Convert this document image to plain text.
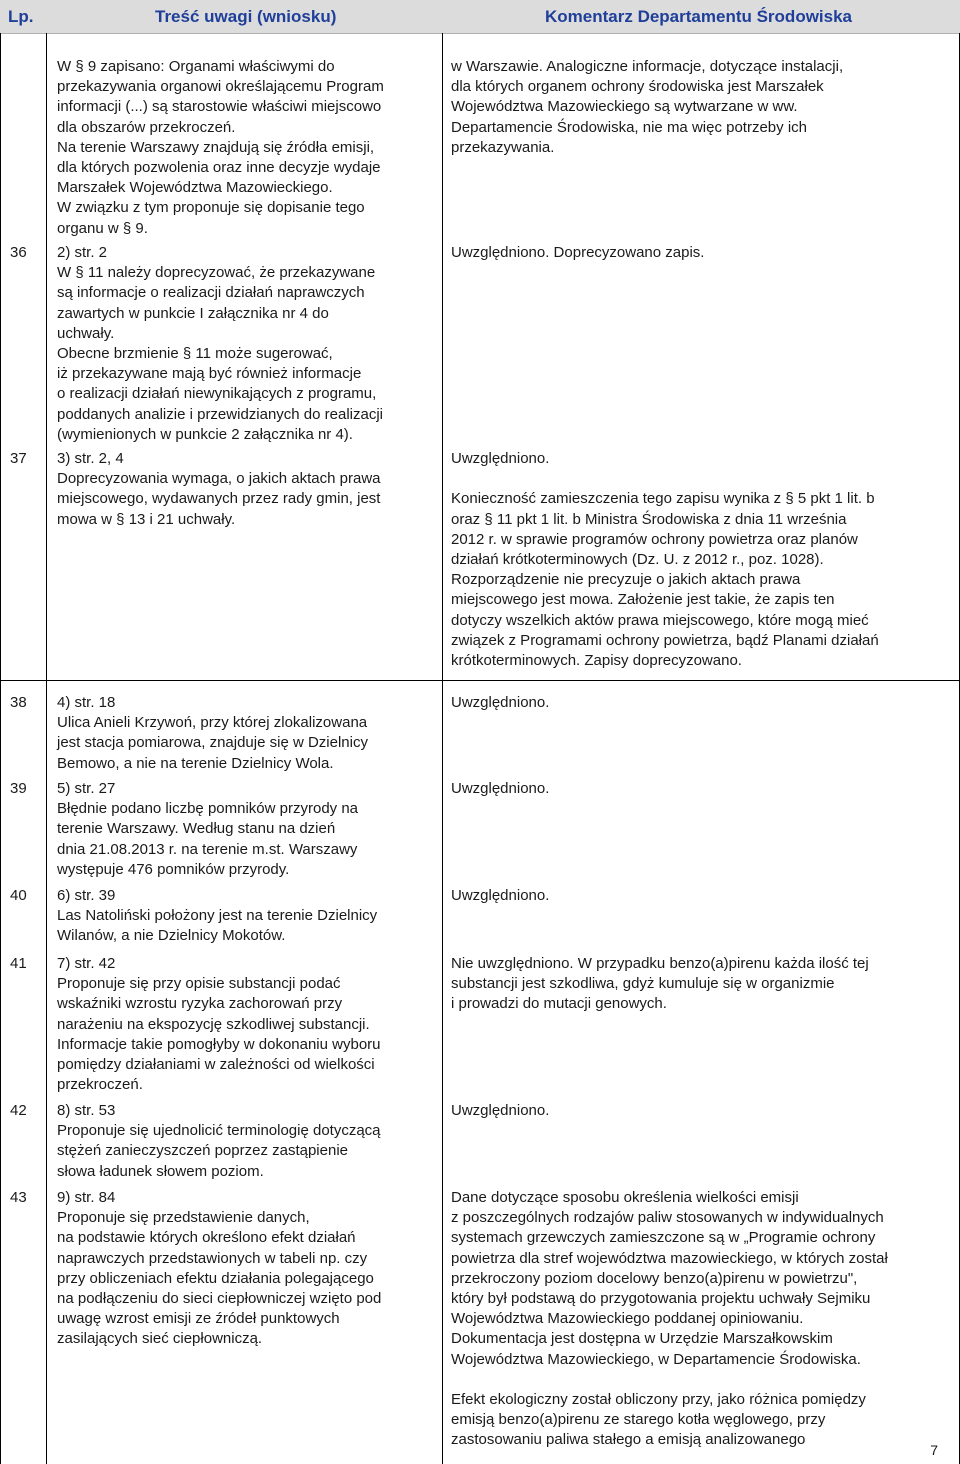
Lp.	Treść uwagi (wniosku)	Komentarz Departamentu Środowiska
W § 9 zapisano: Organami właściwymi do
przekazywania organowi określającemu Program
informacji (...) są starostowie właściwi miejscowo
dla obszarów przekroczeń.
Na terenie Warszawy znajdują się źródła emisji,
dla których pozwolenia oraz inne decyzje wydaje
Marszałek Województwa Mazowieckiego.
W związku z tym proponuje się dopisanie tego
organu w § 9.
w Warszawie. Analogiczne informacje, dotyczące instalacji,
dla których organem ochrony środowiska jest Marszałek
Województwa Mazowieckiego są wytwarzane w ww.
Departamencie Środowiska, nie ma więc potrzeby ich
przekazywania.
36 2) str. 2
W § 11 należy doprecyzować, że przekazywane
są informacje o realizacji działań naprawczych
zawartych w punkcie I załącznika nr 4 do
uchwały.
Obecne brzmienie § 11 może sugerować,
iż przekazywane mają być również informacje
o realizacji działań niewynikających z programu,
poddanych analizie i przewidzianych do realizacji
(wymienionych w punkcie 2 załącznika nr 4).
Uwzględniono. Doprecyzowano zapis.
37 3) str. 2, 4
Doprecyzowania wymaga, o jakich aktach prawa
miejscowego, wydawanych przez rady gmin, jest
mowa w § 13 i 21 uchwały.
Uwzględniono.
Konieczność zamieszczenia tego zapisu wynika z § 5 pkt 1 lit. b
oraz § 11 pkt 1 lit. b Ministra Środowiska z dnia 11 września
2012 r. w sprawie programów ochrony powietrza oraz planów
działań krótkoterminowych (Dz. U. z 2012 r., poz. 1028).
Rozporządzenie nie precyzuje o jakich aktach prawa
miejscowego jest mowa. Założenie jest takie, że zapis ten
dotyczy wszelkich aktów prawa miejscowego, które mogą mieć
związek z Programami ochrony powietrza, bądź Planami działań
krótkoterminowych. Zapisy doprecyzowano.
38 4) str. 18
Ulica Anieli Krzywoń, przy której zlokalizowana
jest stacja pomiarowa, znajduje się w Dzielnicy
Bemowo, a nie na terenie Dzielnicy Wola.
Uwzględniono.
39 5) str. 27
Błędnie podano liczbę pomników przyrody na
terenie Warszawy. Według stanu na dzień
dnia 21.08.2013 r. na terenie m.st. Warszawy
występuje 476 pomników przyrody.
Uwzględniono.
40 6) str. 39
Las Natoliński położony jest na terenie Dzielnicy
Wilanów, a nie Dzielnicy Mokotów.
Uwzględniono.
41 7) str. 42
Proponuje się przy opisie substancji podać
wskaźniki wzrostu ryzyka zachorowań przy
narażeniu na ekspozycję szkodliwej substancji.
Informacje takie pomogłyby w dokonaniu wyboru
pomiędzy działaniami w zależności od wielkości
przekroczeń.
Nie uwzględniono. W przypadku benzo(a)pirenu każda ilość tej
substancji jest szkodliwa, gdyż kumuluje się w organizmie
i prowadzi do mutacji genowych.
42 8) str. 53
Proponuje się ujednolicić terminologię dotyczącą
stężeń zanieczyszczeń poprzez zastąpienie
słowa ładunek słowem poziom.
Uwzględniono.
43 9) str. 84
Proponuje się przedstawienie danych,
na podstawie których określono efekt działań
naprawczych przedstawionych w tabeli np. czy
przy obliczeniach efektu działania polegającego
na podłączeniu do sieci ciepłowniczej wzięto pod
uwagę wzrost emisji ze źródeł punktowych
zasilających sieć ciepłowniczą.
Dane dotyczące sposobu określenia wielkości emisji
z poszczególnych rodzajów paliw stosowanych w indywidualnych
systemach grzewczych zamieszczone są w „Programie ochrony
powietrza dla stref województwa mazowieckiego, w których został
przekroczony poziom docelowy benzo(a)pirenu w powietrzu",
który był podstawą do przygotowania projektu uchwały Sejmiku
Województwa Mazowieckiego poddanej opiniowaniu.
Dokumentacja jest dostępna w Urzędzie Marszałkowskim
Województwa Mazowieckiego, w Departamencie Środowiska.
Efekt ekologiczny został obliczony przy, jako różnica pomiędzy
emisją benzo(a)pirenu ze starego kotła węglowego, przy
zastosowaniu paliwa stałego a emisją analizowanego
7
